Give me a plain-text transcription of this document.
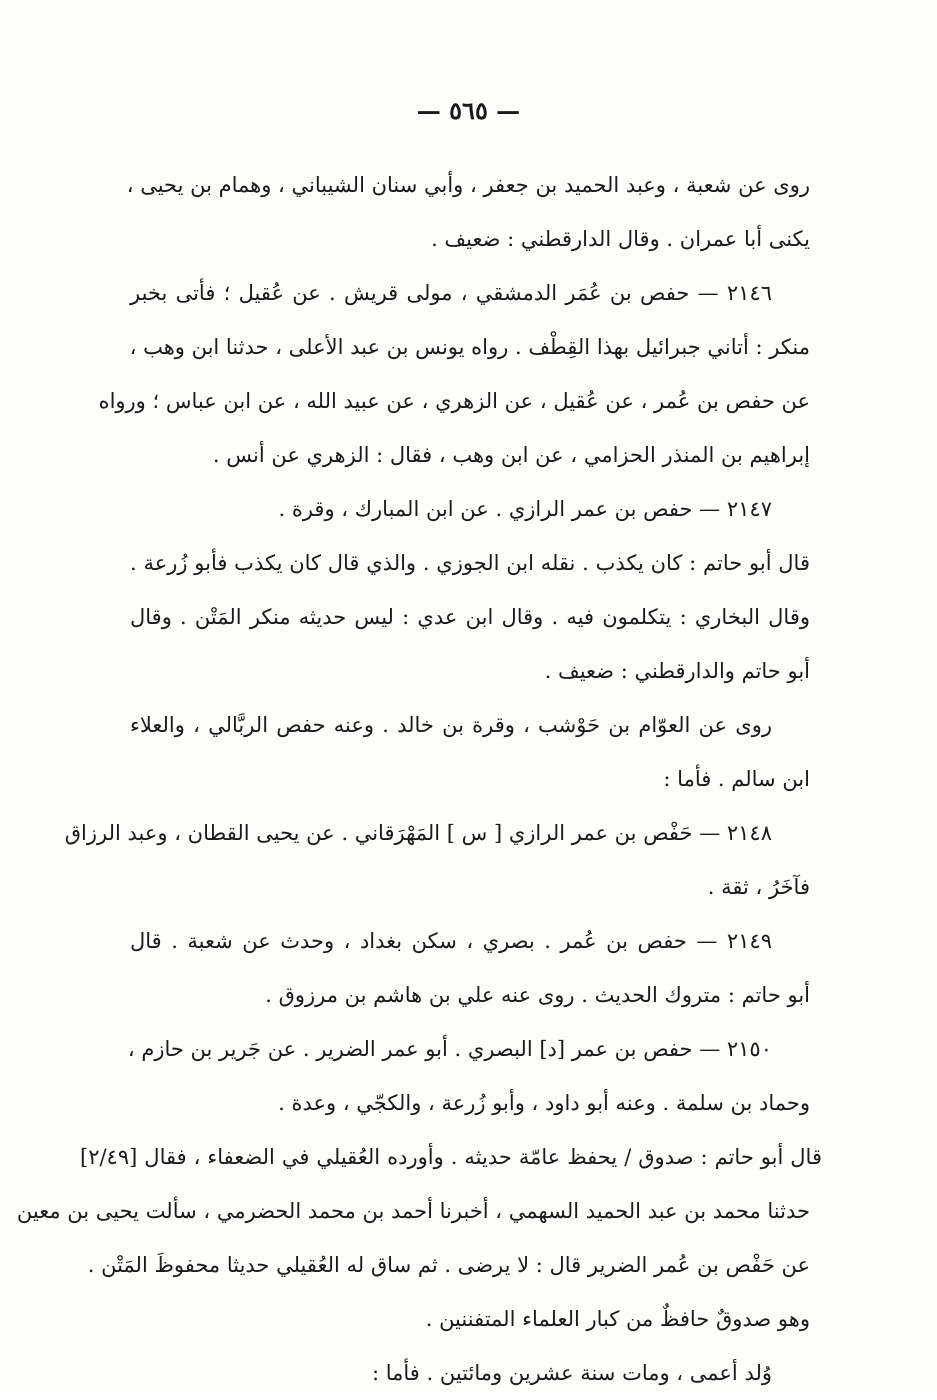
— ٥٦٥ —
روى عن شعبة ، وعبد الحميد بن جعفر ، وأبي سنان الشيباني ، وهمام بن يحيى ،
يكنى أبا عمران . وقال الدارقطني : ضعيف .
٢١٤٦ — حفص بن عُمَر الدمشقي ، مولى قريش . عن عُقيل ؛ فأتى بخبر
منكر : أتاني جبرائيل بهذا القِطْف . رواه يونس بن عبد الأعلى ، حدثنا ابن وهب ،
عن حفص بن عُمر ، عن عُقيل ، عن الزهري ، عن عبيد الله ، عن ابن عباس ؛ ورواه
إبراهيم بن المنذر الحزامي ، عن ابن وهب ، فقال : الزهري عن أنس .
٢١٤٧ — حفص بن عمر الرازي . عن ابن المبارك ، وقرة .
قال أبو حاتم : كان يكذب . نقله ابن الجوزي . والذي قال كان يكذب فأبو زُرعة .
وقال البخاري : يتكلمون فيه . وقال ابن عدي : ليس حديثه منكر المَتْن . وقال
أبو حاتم والدارقطني : ضعيف .
روى عن العوّام بن حَوْشب ، وقرة بن خالد . وعنه حفص الربَّالي ، والعلاء
ابن سالم . فأما :
٢١٤٨ — حَفْص بن عمر الرازي [ س ] المَهْرَقاني . عن يحيى القطان ، وعبد الرزاق
فآخَرُ ، ثقة .
٢١٤٩ — حفص بن عُمر . بصري ، سكن بغداد ، وحدث عن شعبة . قال
أبو حاتم : متروك الحديث . روى عنه علي بن هاشم بن مرزوق .
٢١٥٠ — حفص بن عمر [د] البصري . أبو عمر الضرير . عن جَرير بن حازم ،
وحماد بن سلمة . وعنه أبو داود ، وأبو زُرعة ، والكجّي ، وعدة .
قال أبو حاتم : صدوق / يحفظ عامّة حديثه . وأورده العُقيلي في الضعفاء ، فقال [٢/٤٩]
حدثنا محمد بن عبد الحميد السهمي ، أخبرنا أحمد بن محمد الحضرمي ، سألت يحيى بن معين
عن حَفْص بن عُمر الضرير قال : لا يرضى . ثم ساق له العُقيلي حديثا محفوظَ المَتْن .
وهو صدوقٌ حافظٌ من كبار العلماء المتفننين .
وُلد أعمى ، ومات سنة عشرين ومائتين . فأما :
